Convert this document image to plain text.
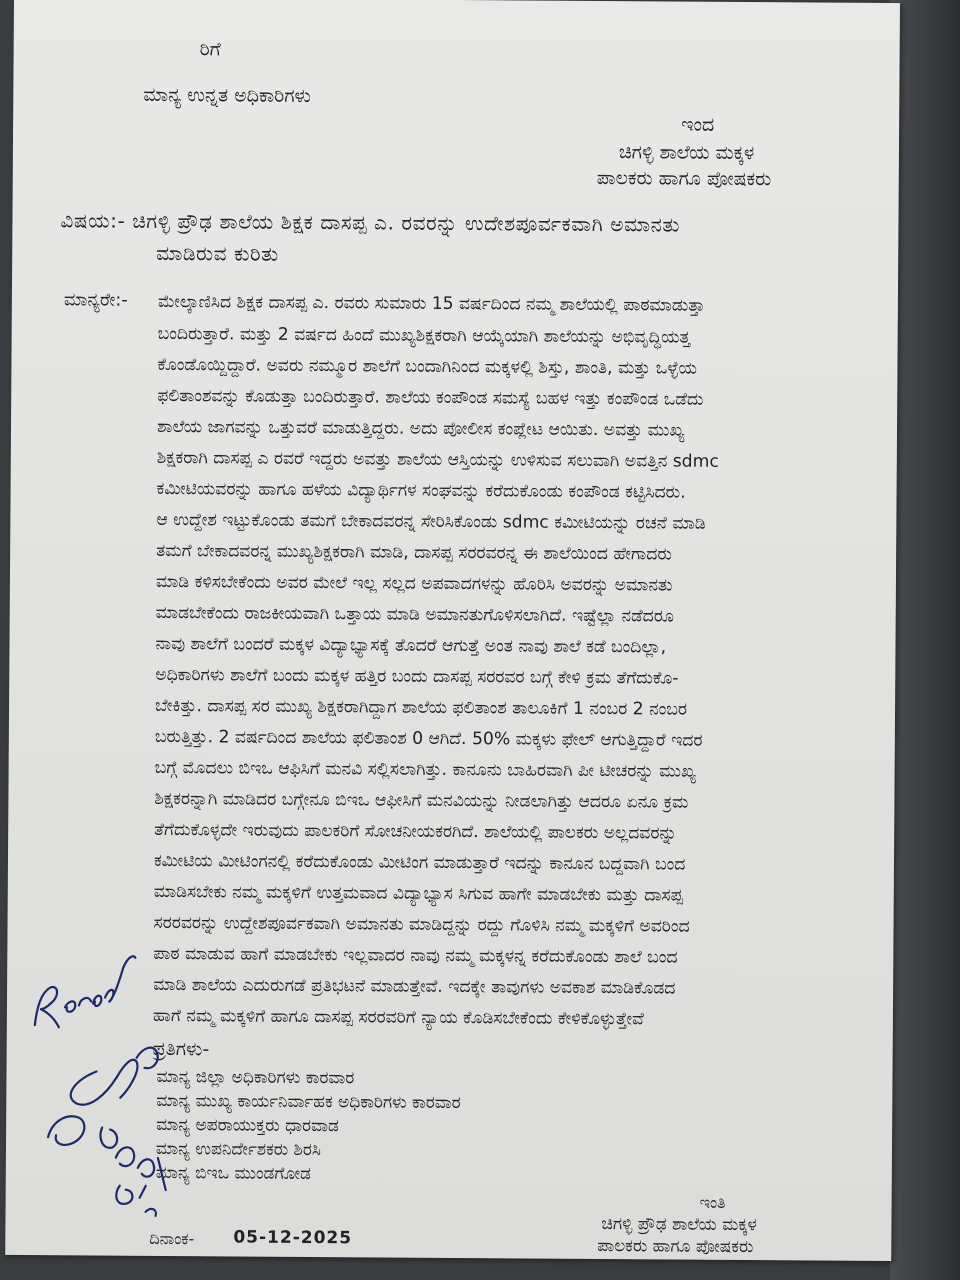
ರಿಗೆ
ಮಾನ್ಯ ಉನ್ನತ ಅಧಿಕಾರಿಗಳು
ಇಂದ
ಚಿಗಳ್ಳಿ ಶಾಲೆಯ ಮಕ್ಕಳ
ಪಾಲಕರು ಹಾಗೂ ಪೋಷಕರು
ವಿಷಯ:- ಚಿಗಳ್ಳಿ ಪ್ರೌಢ ಶಾಲೆಯ ಶಿಕ್ಷಕ ದಾಸಪ್ಪ ಎ. ರವರನ್ನು ಉದೇಶಪೂರ್ವಕವಾಗಿ ಅಮಾನತು
ಮಾಡಿರುವ ಕುರಿತು
ಮಾನ್ಯರೇ:- ಮೇಲ್ಕಾಣಿಸಿದ ಶಿಕ್ಷಕ ದಾಸಪ್ಪ ಎ. ರವರು ಸುಮಾರು 15 ವರ್ಷದಿಂದ ನಮ್ಮ ಶಾಲೆಯಲ್ಲಿ ಪಾಠಮಾಡುತ್ತಾ
ಬಂದಿರುತ್ತಾರೆ. ಮತ್ತು 2 ವರ್ಷದ ಹಿಂದೆ ಮುಖ್ಯಶಿಕ್ಷಕರಾಗಿ ಆಯ್ಕೆಯಾಗಿ ಶಾಲೆಯನ್ನು ಅಭಿವೃದ್ಧಿಯತ್ತ
ಕೊಂಡೊಯ್ದಿದ್ದಾರೆ. ಅವರು ನಮ್ಮೂರ ಶಾಲೆಗೆ ಬಂದಾಗಿನಿಂದ ಮಕ್ಕಳಲ್ಲಿ ಶಿಸ್ತು, ಶಾಂತಿ, ಮತ್ತು ಒಳ್ಳೆಯ
ಫಲಿತಾಂಶವನ್ನು ಕೊಡುತ್ತಾ ಬಂದಿರುತ್ತಾರೆ. ಶಾಲೆಯ ಕಂಪೌಂಡ ಸಮಸ್ಯೆ ಬಹಳ ಇತ್ತು ಕಂಪೌಂಡ ಒಡೆದು
ಶಾಲೆಯ ಜಾಗವನ್ನು ಒತ್ತುವರೆ ಮಾಡುತ್ತಿದ್ದರು. ಅದು ಪೋಲೀಸ ಕಂಪ್ಲೇಟ ಆಯಿತು. ಅವತ್ತು ಮುಖ್ಯ
ಶಿಕ್ಷಕರಾಗಿ ದಾಸಪ್ಪ ಎ ರವರೆ ಇದ್ದರು ಅವತ್ತು ಶಾಲೆಯ ಆಸ್ತಿಯನ್ನು ಉಳಿಸುವ ಸಲುವಾಗಿ ಅವತ್ತಿನ sdmc
ಕಮೀಟಿಯವರನ್ನು ಹಾಗೂ ಹಳೆಯ ವಿದ್ಯಾರ್ಥಿಗಳ ಸಂಘವನ್ನು ಕರೆದುಕೊಂಡು ಕಂಪೌಂಡ ಕಟ್ಟಿಸಿದರು.
ಆ ಉದ್ದೇಶ ಇಟ್ಟುಕೊಂಡು ತಮಗೆ ಬೇಕಾದವರನ್ನ ಸೇರಿಸಿಕೊಂಡು sdmc ಕಮೀಟಿಯನ್ನು ರಚನೆ ಮಾಡಿ
ತಮಗೆ ಬೇಕಾದವರನ್ನ ಮುಖ್ಯಶಿಕ್ಷಕರಾಗಿ ಮಾಡಿ, ದಾಸಪ್ಪ ಸರರವರನ್ನ ಈ ಶಾಲೆಯಿಂದ ಹೇಗಾದರು
ಮಾಡಿ ಕಳಿಸಬೇಕೆಂದು ಅವರ ಮೇಲೆ ಇಲ್ಲ ಸಲ್ಲದ ಅಪವಾದಗಳನ್ನು ಹೊರಿಸಿ ಅವರನ್ನು ಅಮಾನತು
ಮಾಡಬೇಕೆಂದು ರಾಜಕೀಯವಾಗಿ ಒತ್ತಾಯ ಮಾಡಿ ಅಮಾನತುಗೊಳಿಸಲಾಗಿದೆ. ಇಷ್ಟೆಲ್ಲಾ ನಡೆದರೂ
ನಾವು ಶಾಲೆಗೆ ಬಂದರೆ ಮಕ್ಕಳ ವಿದ್ಯಾಭ್ಯಾಸಕ್ಕೆ ತೊದರೆ ಆಗುತ್ತೆ ಅಂತ ನಾವು ಶಾಲೆ ಕಡೆ ಬಂದಿಲ್ಲಾ,
ಅಧಿಕಾರಿಗಳು ಶಾಲೆಗೆ ಬಂದು ಮಕ್ಕಳ ಹತ್ತಿರ ಬಂದು ದಾಸಪ್ಪ ಸರರವರ ಬಗ್ಗೆ ಕೇಳಿ ಕ್ರಮ ತೆಗೆದುಕೊ-
ಬೇಕಿತ್ತು. ದಾಸಪ್ಪ ಸರ ಮುಖ್ಯ ಶಿಕ್ಷಕರಾಗಿದ್ದಾಗ ಶಾಲೆಯ ಫಲಿತಾಂಶ ತಾಲೂಕಿಗೆ 1 ನಂಬರ 2 ನಂಬರ
ಬರುತ್ತಿತ್ತು. 2 ವರ್ಷದಿಂದ ಶಾಲೆಯ ಫಲಿತಾಂಶ 0 ಆಗಿದೆ. 50% ಮಕ್ಕಳು ಫೇಲ್ ಆಗುತ್ತಿದ್ದಾರೆ ಇದರ
ಬಗ್ಗೆ ಮೊದಲು ಬಿಇಒ ಆಫಿಸಿಗೆ ಮನವಿ ಸಲ್ಲಿಸಲಾಗಿತ್ತು. ಕಾನೂನು ಬಾಹಿರವಾಗಿ ಪೀ ಟೀಚರನ್ನು ಮುಖ್ಯ
ಶಿಕ್ಷಕರನ್ನಾಗಿ ಮಾಡಿದರ ಬಗ್ಗೇನೂ ಬಿಇಒ ಆಫೀಸಿಗೆ ಮನವಿಯನ್ನು ನೀಡಲಾಗಿತ್ತು ಆದರೂ ಏನೂ ಕ್ರಮ
ತೆಗೆದುಕೊಳ್ಳದೇ ಇರುವುದು ಪಾಲಕರಿಗೆ ಸೋಚನೀಯಕರಗಿದೆ. ಶಾಲೆಯಲ್ಲಿ ಪಾಲಕರು ಅಲ್ಲದವರನ್ನು
ಕಮೀಟಿಯ ಮೀಟಿಂಗನಲ್ಲಿ ಕರೆದುಕೊಂಡು ಮೀಟಿಂಗ ಮಾಡುತ್ತಾರೆ ಇದನ್ನು ಕಾನೂನ ಬದ್ದವಾಗಿ ಬಂದ
ಮಾಡಿಸಬೇಕು ನಮ್ಮ ಮಕ್ಕಳಿಗೆ ಉತ್ತಮವಾದ ವಿದ್ಯಾಭ್ಯಾಸ ಸಿಗುವ ಹಾಗೇ ಮಾಡಬೇಕು ಮತ್ತು ದಾಸಪ್ಪ
ಸರರವರನ್ನು ಉದ್ದೇಶಪೂರ್ವಕವಾಗಿ ಅಮಾನತು ಮಾಡಿದ್ದನ್ನು ರದ್ದು ಗೊಳಿಸಿ ನಮ್ಮ ಮಕ್ಕಳಿಗೆ ಅವರಿಂದ
ಪಾಠ ಮಾಡುವ ಹಾಗೆ ಮಾಡಬೇಕು ಇಲ್ಲವಾದರ ನಾವು ನಮ್ಮ ಮಕ್ಕಳನ್ನ ಕರೆದುಕೊಂಡು ಶಾಲೆ ಬಂದ
ಮಾಡಿ ಶಾಲೆಯ ಎದುರುಗಡೆ ಪ್ರತಿಭಟನೆ ಮಾಡುತ್ತೇವೆ. ಇದಕ್ಕೇ ತಾವುಗಳು ಅವಕಾಶ ಮಾಡಿಕೊಡದ
ಹಾಗೆ ನಮ್ಮ ಮಕ್ಕಳಿಗೆ ಹಾಗೂ ದಾಸಪ್ಪ ಸರರವರಿಗೆ ನ್ಯಾಯ ಕೊಡಿಸಬೇಕೆಂದು ಕೇಳಿಕೊಳ್ಳುತ್ತೇವೆ
ಪ್ರತಿಗಳು-
ಮಾನ್ಯ ಜಿಲ್ಲಾ ಅಧಿಕಾರಿಗಳು ಕಾರವಾರ
ಮಾನ್ಯ ಮುಖ್ಯ ಕಾರ್ಯನಿರ್ವಾಹಕ ಅಧಿಕಾರಿಗಳು ಕಾರವಾರ
ಮಾನ್ಯ ಅಪರಾಯುಕ್ತರು ಧಾರವಾಡ
ಮಾನ್ಯ ಉಪನಿರ್ದೇಶಕರು ಶಿರಸಿ
ಮಾನ್ಯ ಬಿಇಒ ಮುಂಡಗೋಡ
ಇಂತಿ
ಚಿಗಳ್ಳಿ ಪ್ರೌಢ ಶಾಲೆಯ ಮಕ್ಕಳ
ಪಾಲಕರು ಹಾಗೂ ಪೋಷಕರು
ದಿನಾಂಕ- 05-12-2025
